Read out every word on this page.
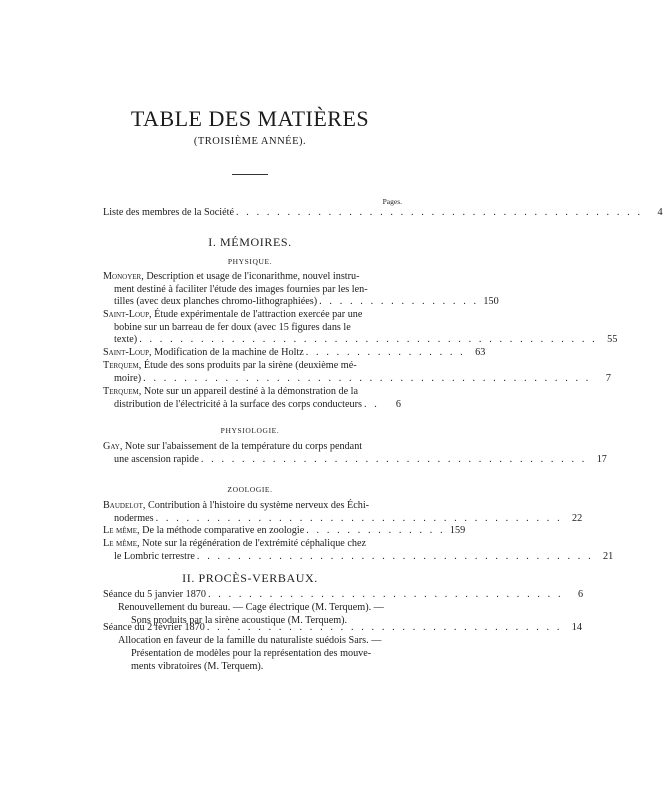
TABLE DES MATIÈRES
(TROISIÈME ANNÉE).
Pages.
Liste des membres de la Société . . . . . . . . . . . . . . . . . . . . . . . . . . . . . . . . . . . . . . . .	4
I. MÉMOIRES.
PHYSIQUE.
Monoyer, Description et usage de l'iconarithme, nouvel instru-
ment destiné à faciliter l'étude des images fournies par les len-
tilles (avec deux planches chromo-lithographiées) . . . . . . . . . . . . . . . . 150
Saint-Loup, Étude expérimentale de l'attraction exercée par une
bobine sur un barreau de fer doux (avec 15 figures dans le
texte) . . . . . . . . . . . . . . . . . . . . . . . . . . . . . . . . . . . . . . . . . . . . . 55
Saint-Loup, Modification de la machine de Holtz . . . . . . . . . . . . . . . . 63
Terquem, Étude des sons produits par la sirène (deuxième mé-
moire) . . . . . . . . . . . . . . . . . . . . . . . . . . . . . . . . . . . . . . . . . . . .	7
Terquem, Note sur un appareil destiné à la démonstration de la
distribution de l'électricité à la surface des corps conducteurs . .	6
PHYSIOLOGIE.
Gay, Note sur l'abaissement de la température du corps pendant
une ascension rapide . . . . . . . . . . . . . . . . . . . . . . . . . . . . . . . . . . . . . . 17
ZOOLOGIE.
Baudelot, Contribution à l'histoire du système nerveux des Échi-
nodermes . . . . . . . . . . . . . . . . . . . . . . . . . . . . . . . . . . . . . . . . 22
Le même, De la méthode comparative en zoologie . . . . . . . . . . . . . . 159
Le même, Note sur la régénération de l'extrémité céphalique chez
le Lombric terrestre . . . . . . . . . . . . . . . . . . . . . . . . . . . . . . . . . . . . . . . 21
II. PROCÈS-VERBAUX.
Séance du 5 janvier 1870 . . . . . . . . . . . . . . . . . . . . . . . . . . . . . . . . . . .	6
Renouvellement du bureau. — Cage électrique (M. Terquem). —
Sons produits par la sirène acoustique (M. Terquem).
Séance du 2 février 1870 . . . . . . . . . . . . . . . . . . . . . . . . . . . . . . . . . . . 14
Allocation en faveur de la famille du naturaliste suédois Sars. —
Présentation de modèles pour la représentation des mouve-
ments vibratoires (M. Terquem).
